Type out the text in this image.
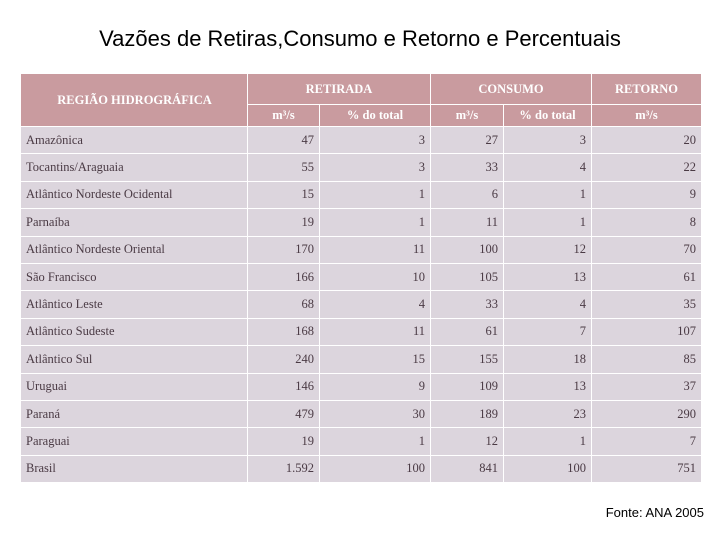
Vazões de Retiras,Consumo e Retorno e Percentuais
REGIÃO HIDROGRÁFICA	RETIRADA		CONSUMO		RETORNO
	m³/s	% do total	m³/s	% do total	m³/s
Amazônica	47	3	27	3	20
Tocantins/Araguaia	55	3	33	4	22
Atlântico Nordeste Ocidental	15	1	6	1	9
Parnaíba	19	1	11	1	8
Atlântico Nordeste Oriental	170	11	100	12	70
São Francisco	166	10	105	13	61
Atlântico Leste	68	4	33	4	35
Atlântico Sudeste	168	11	61	7	107
Atlântico Sul	240	15	155	18	85
Uruguai	146	9	109	13	37
Paraná	479	30	189	23	290
Paraguai	19	1	12	1	7
Brasil	1.592	100	841	100	751
Fonte: ANA 2005
